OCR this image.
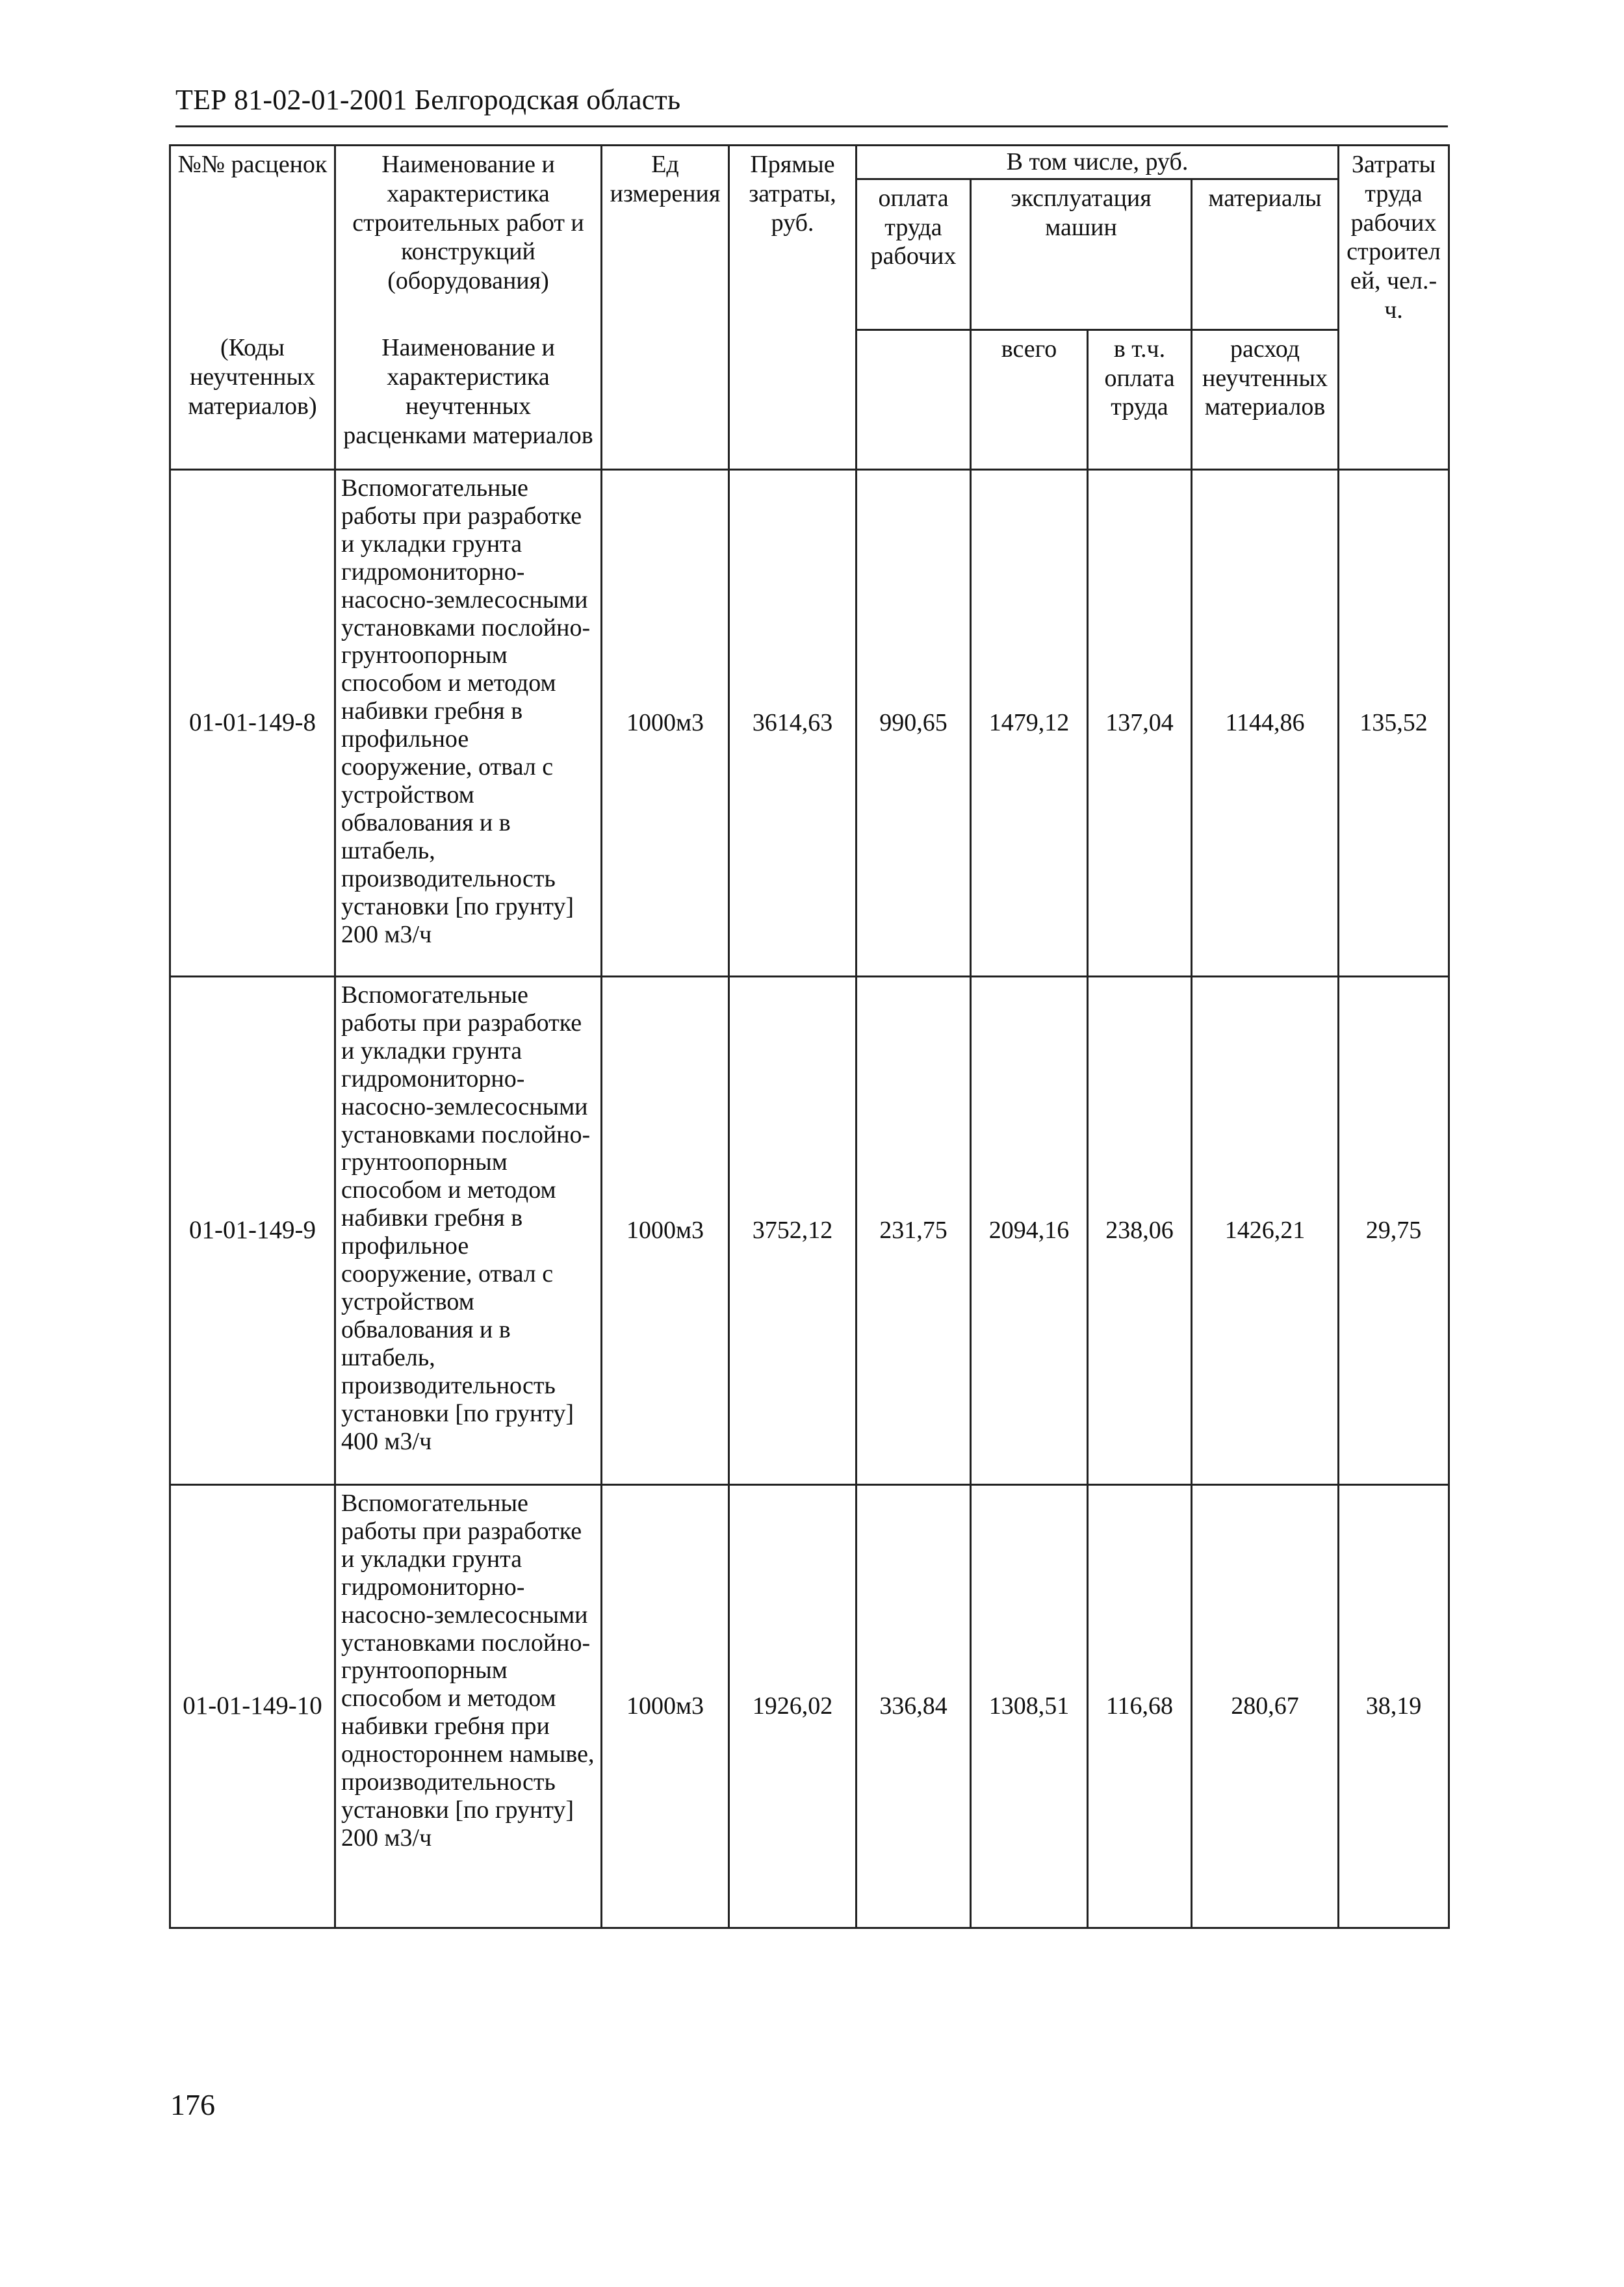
ТЕР 81-02-01-2001 Белгородская область
№№ расценок	Наименование и характеристика строительных работ и конструкций (оборудования)	Ед измерения	Прямые затраты, руб.	В том числе, руб.				Затраты труда рабочих строителей, чел.-ч.
				оплата труда рабочих	эксплуатация машин		материалы	
(Коды неучтенных материалов)	Наименование и характеристика неучтенных расценками материалов				всего	в т.ч. оплата труда	расход неучтенных материалов	
01-01-149-8	Вспомогательные работы при разработке и укладки грунта гидромониторно-насосно-землесосными установками послойно-грунтоопорным способом и методом набивки гребня в профильное сооружение, отвал с устройством обвалования и в штабель, производительность установки [по грунту] 200 м3/ч	1000м3	3614,63	990,65	1479,12	137,04	1144,86	135,52
01-01-149-9	Вспомогательные работы при разработке и укладки грунта гидромониторно-насосно-землесосными установками послойно-грунтоопорным способом и методом набивки гребня в профильное сооружение, отвал с устройством обвалования и в штабель, производительность установки [по грунту] 400 м3/ч	1000м3	3752,12	231,75	2094,16	238,06	1426,21	29,75
01-01-149-10	Вспомогательные работы при разработке и укладки грунта гидромониторно-насосно-землесосными установками послойно-грунтоопорным способом и методом набивки гребня при одностороннем намыве, производительность установки [по грунту] 200 м3/ч	1000м3	1926,02	336,84	1308,51	116,68	280,67	38,19
176
